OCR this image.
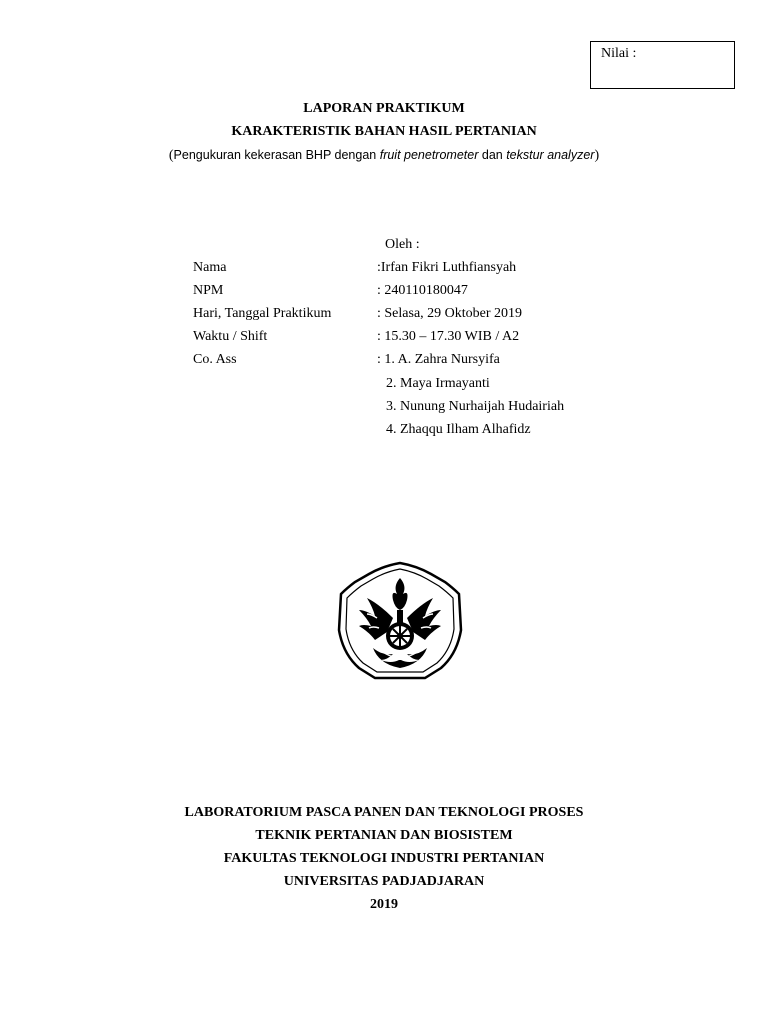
Nilai :
LAPORAN PRAKTIKUM
KARAKTERISTIK BAHAN HASIL PERTANIAN
(Pengukuran kekerasan BHP dengan fruit penetrometer dan tekstur analyzer)
Oleh :
Nama	:Irfan Fikri Luthfiansyah
NPM	: 240110180047
Hari, Tanggal Praktikum	: Selasa, 29 Oktober 2019
Waktu / Shift	: 15.30 – 17.30 WIB / A2
Co. Ass	: 1. A. Zahra Nursyifa
2. Maya Irmayanti
3. Nunung Nurhaijah Hudairiah
4. Zhaqqu Ilham Alhafidz
LABORATORIUM PASCA PANEN DAN TEKNOLOGI PROSES
TEKNIK PERTANIAN DAN BIOSISTEM
FAKULTAS TEKNOLOGI INDUSTRI PERTANIAN
UNIVERSITAS PADJADJARAN
2019
